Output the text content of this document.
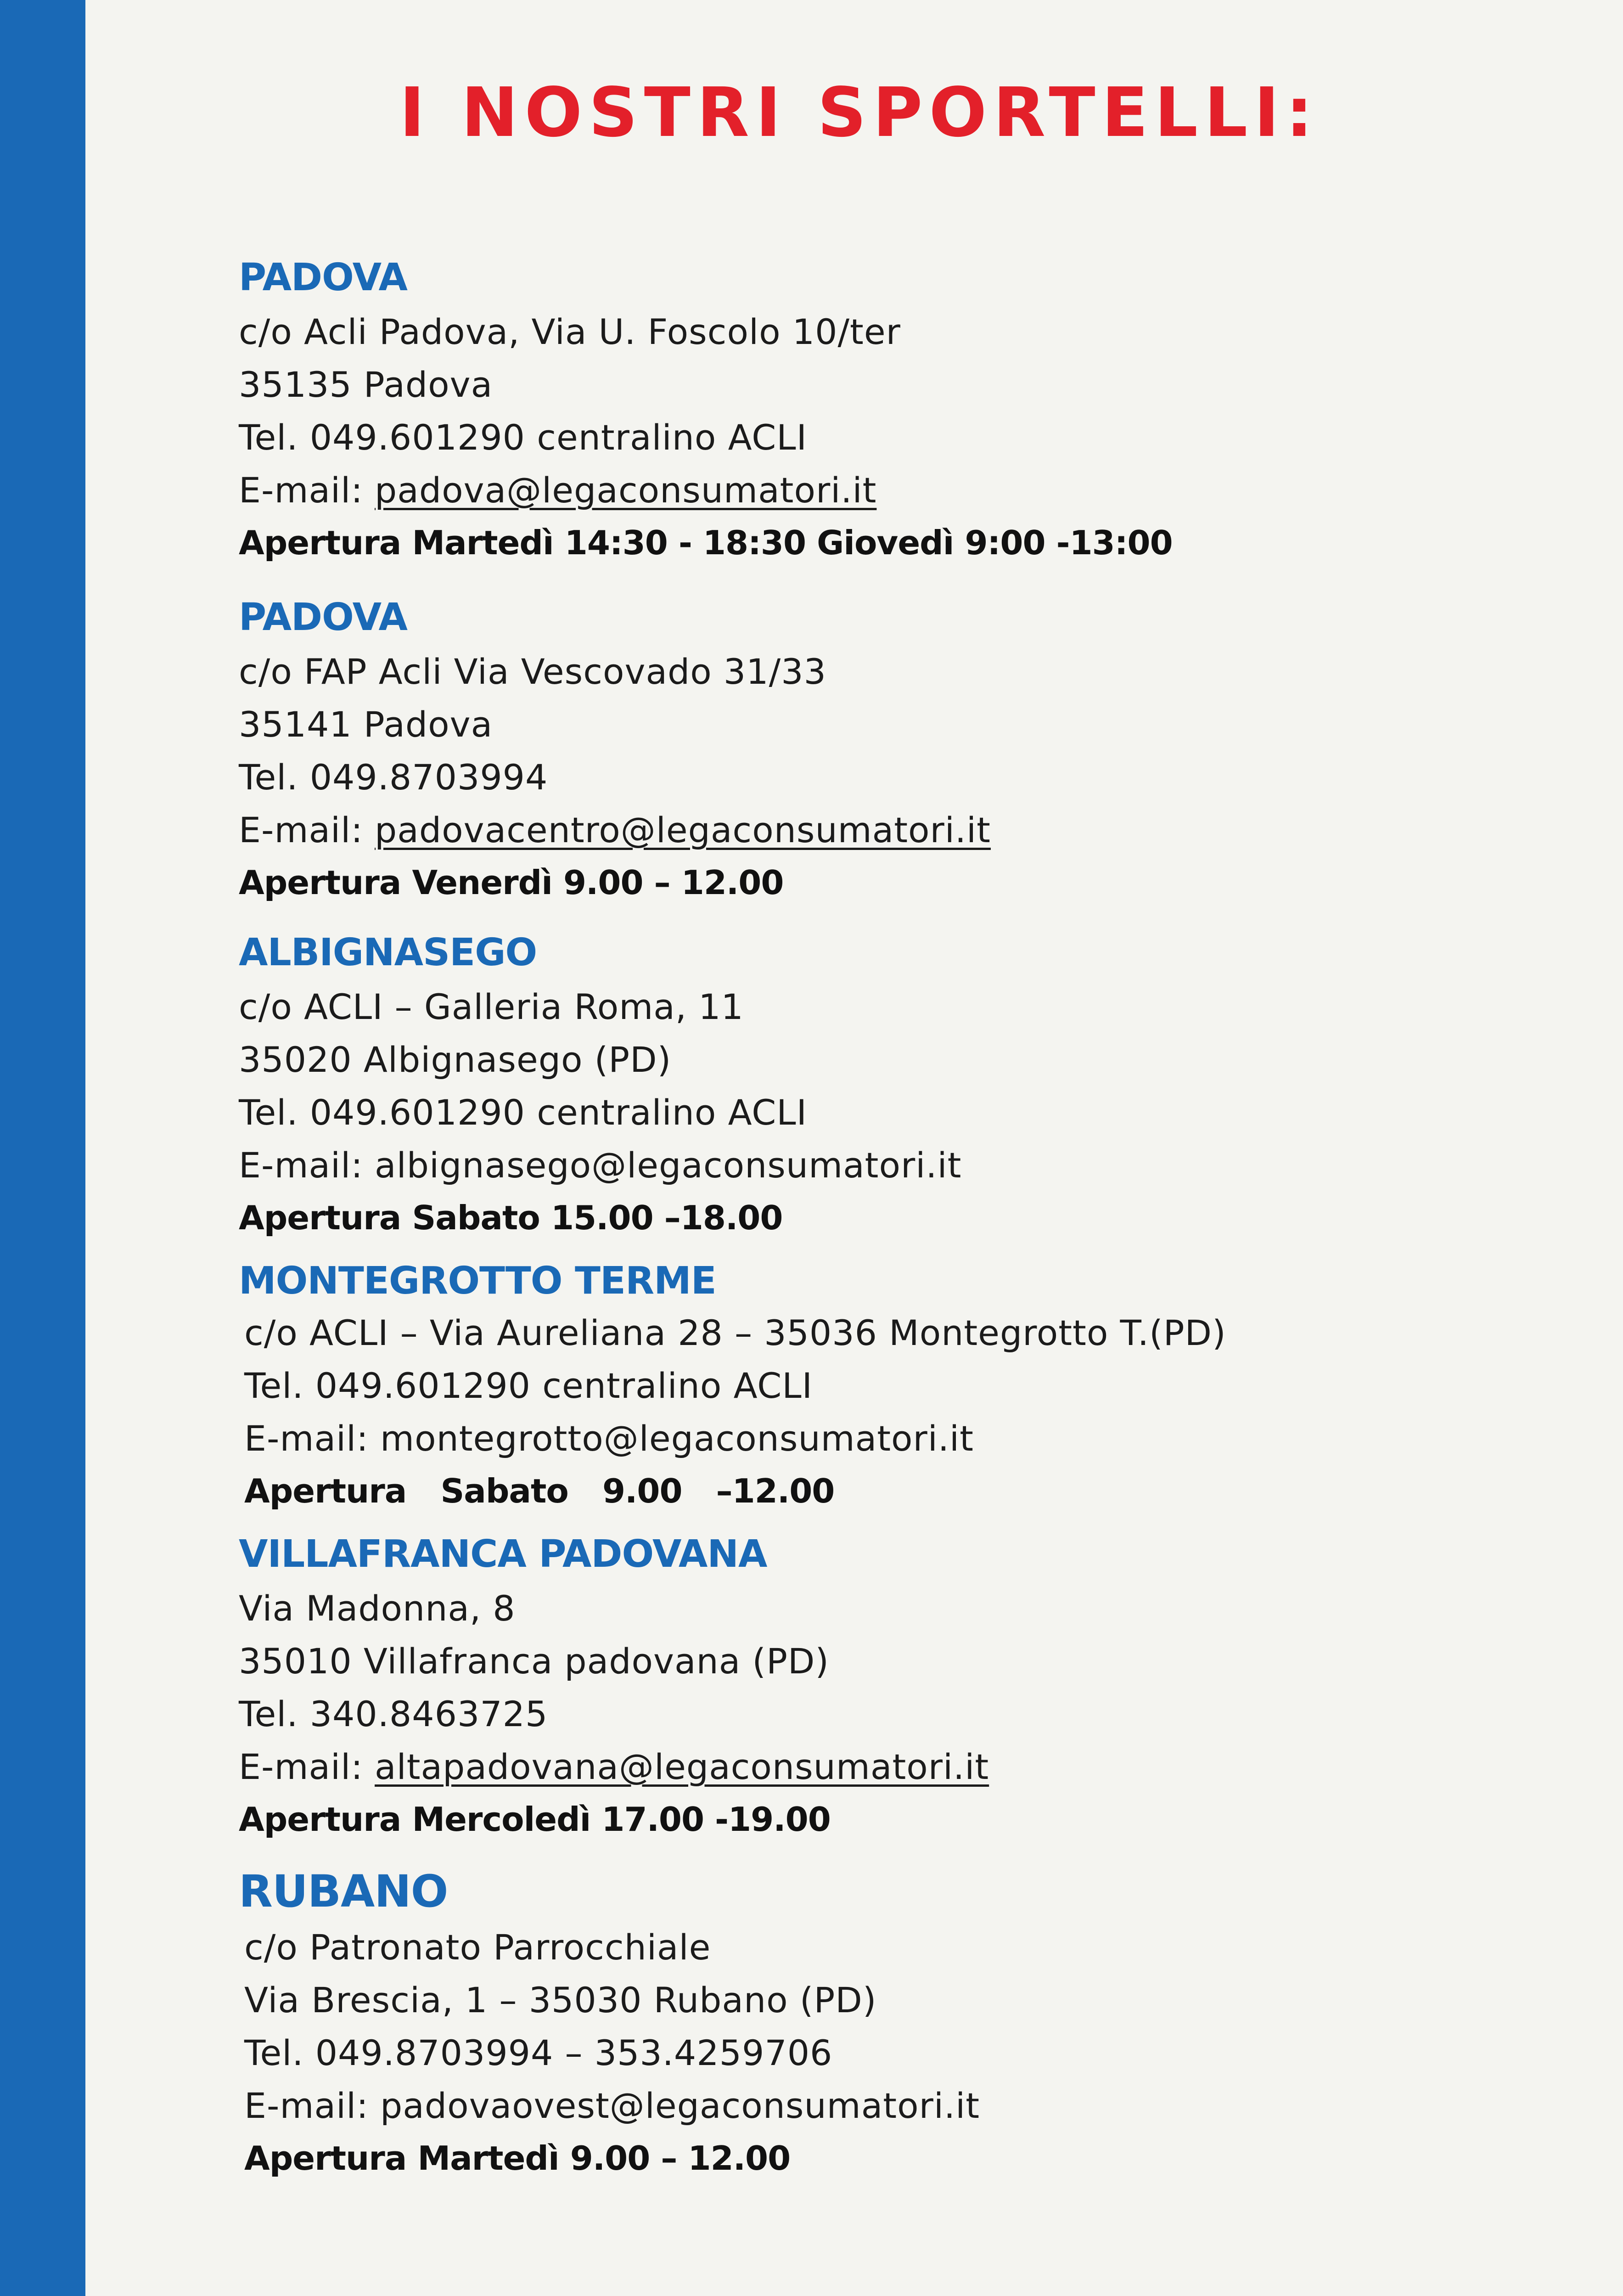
I NOSTRI SPORTELLI:
PADOVA
c/o Acli Padova, Via U. Foscolo 10/ter
35135 Padova
Tel. 049.601290 centralino ACLI
E-mail: padova@legaconsumatori.it
Apertura Martedì 14:30 - 18:30 Giovedì 9:00 -13:00
PADOVA
c/o FAP Acli Via Vescovado 31/33
35141 Padova
Tel. 049.8703994
E-mail: padovacentro@legaconsumatori.it
Apertura Venerdì 9.00 – 12.00
ALBIGNASEGO
c/o ACLI – Galleria Roma, 11
35020 Albignasego (PD)
Tel. 049.601290 centralino ACLI
E-mail: albignasego@legaconsumatori.it
Apertura Sabato 15.00 –18.00
MONTEGROTTO TERME
c/o ACLI – Via Aureliana 28 – 35036 Montegrotto T.(PD)
Tel. 049.601290 centralino ACLI
E-mail: montegrotto@legaconsumatori.it
Apertura Sabato 9.00 –12.00
VILLAFRANCA PADOVANA
Via Madonna, 8
35010 Villafranca padovana (PD)
Tel. 340.8463725
E-mail: altapadovana@legaconsumatori.it
Apertura Mercoledì 17.00 -19.00
RUBANO
c/o Patronato Parrocchiale
Via Brescia, 1 – 35030 Rubano (PD)
Tel. 049.8703994 – 353.4259706
E-mail: padovaovest@legaconsumatori.it
Apertura Martedì 9.00 – 12.00
